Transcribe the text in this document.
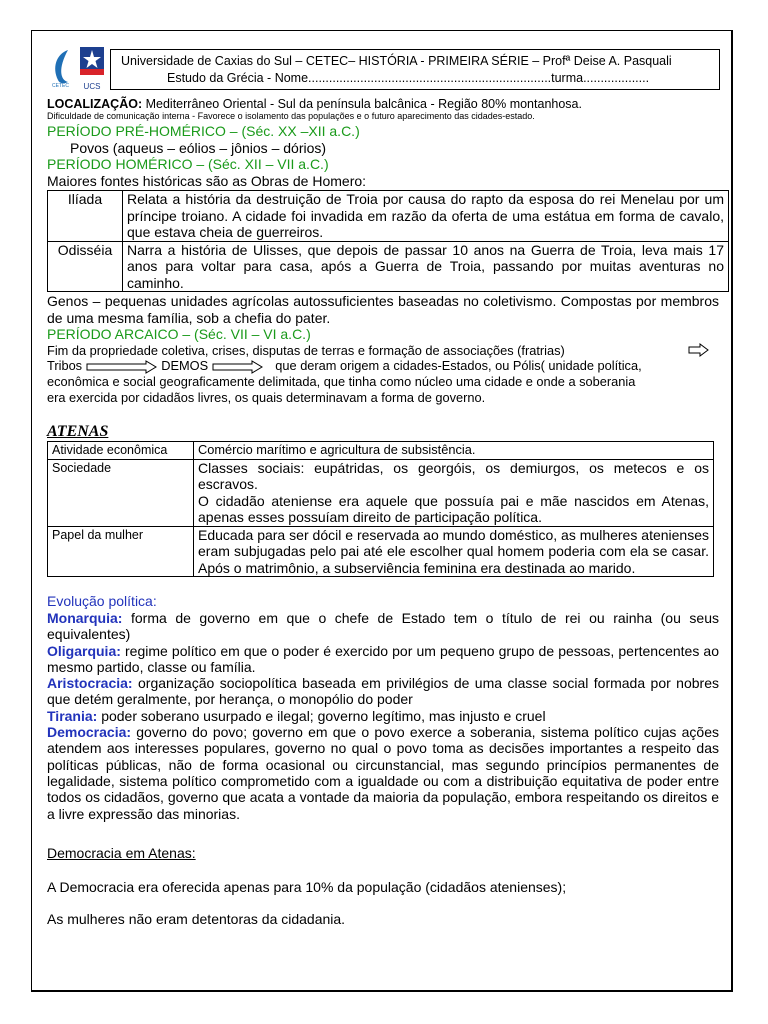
CETEC	UCS
Universidade de Caxias do Sul – CETEC– HISTÓRIA - PRIMEIRA SÉRIE – Profª Deise A. Pasquali
Estudo da Grécia - Nome......................................................................turma...................
LOCALIZAÇÃO: Mediterrâneo Oriental - Sul da península balcânica - Região 80% montanhosa.
Dificuldade de comunicação interna - Favorece o isolamento das populações e o futuro aparecimento das cidades-estado.
PERÍODO PRÉ-HOMÉRICO – (Séc. XX –XII a.C.)
Povos (aqueus – eólios – jônios – dórios)
PERÍODO HOMÉRICO – (Séc. XII – VII a.C.)
Maiores fontes históricas são as Obras de Homero:
Ilíada	Relata a história da destruição de Troia por causa do rapto da esposa do rei Menelau por um príncipe troiano. A cidade foi invadida em razão da oferta de uma estátua em forma de cavalo, que estava cheia de guerreiros.
Odisséia	Narra a história de Ulisses, que depois de passar 10 anos na Guerra de Troia, leva mais 17 anos para voltar para casa, após a Guerra de Troia, passando por muitas aventuras no caminho.
Genos – pequenas unidades agrícolas autossuficientes baseadas no coletivismo. Compostas por membros de uma mesma família, sob a chefia do pater.
PERÍODO ARCAICO – (Séc. VII – VI a.C.)
Fim da propriedade coletiva, crises, disputas de terras e formação de associações (fratrias)
Tribos	DEMOS	que deram origem a cidades-Estados, ou Pólis( unidade política,
econômica e social geograficamente delimitada, que tinha como núcleo uma cidade e onde a soberania
era exercida por cidadãos livres, os quais determinavam a forma de governo.
ATENAS
Atividade econômica	Comércio marítimo e agricultura de subsistência.
Sociedade	Classes sociais: eupátridas, os georgóis, os demiurgos, os metecos e os escravos.
O cidadão ateniense era aquele que possuía pai e mãe nascidos em Atenas, apenas esses possuíam direito de participação política.

Papel da mulher	Educada para ser dócil e reservada ao mundo doméstico, as mulheres atenienses eram subjugadas pelo pai até ele escolher qual homem poderia com ela se casar. Após o matrimônio, a subserviência feminina era destinada ao marido.
Evolução política:
Monarquia: forma de governo em que o chefe de Estado tem o título de rei ou rainha (ou seus equivalentes)
Oligarquia: regime político em que o poder é exercido por um pequeno grupo de pessoas, pertencentes ao mesmo partido, classe ou família.
Aristocracia: organização sociopolítica baseada em privilégios de uma classe social formada por nobres que detém geralmente, por herança, o monopólio do poder
Tirania: poder soberano usurpado e ilegal; governo legítimo, mas injusto e cruel
Democracia: governo do povo; governo em que o povo exerce a soberania, sistema político cujas ações atendem aos interesses populares, governo no qual o povo toma as decisões importantes a respeito das políticas públicas, não de forma ocasional ou circunstancial, mas segundo princípios permanentes de legalidade, sistema político comprometido com a igualdade ou com a distribuição equitativa de poder entre todos os cidadãos, governo que acata a vontade da maioria da população, embora respeitando os direitos e a livre expressão das minorias.
Democracia em Atenas:
A Democracia era oferecida apenas para 10% da população (cidadãos atenienses);
As mulheres não eram detentoras da cidadania.
